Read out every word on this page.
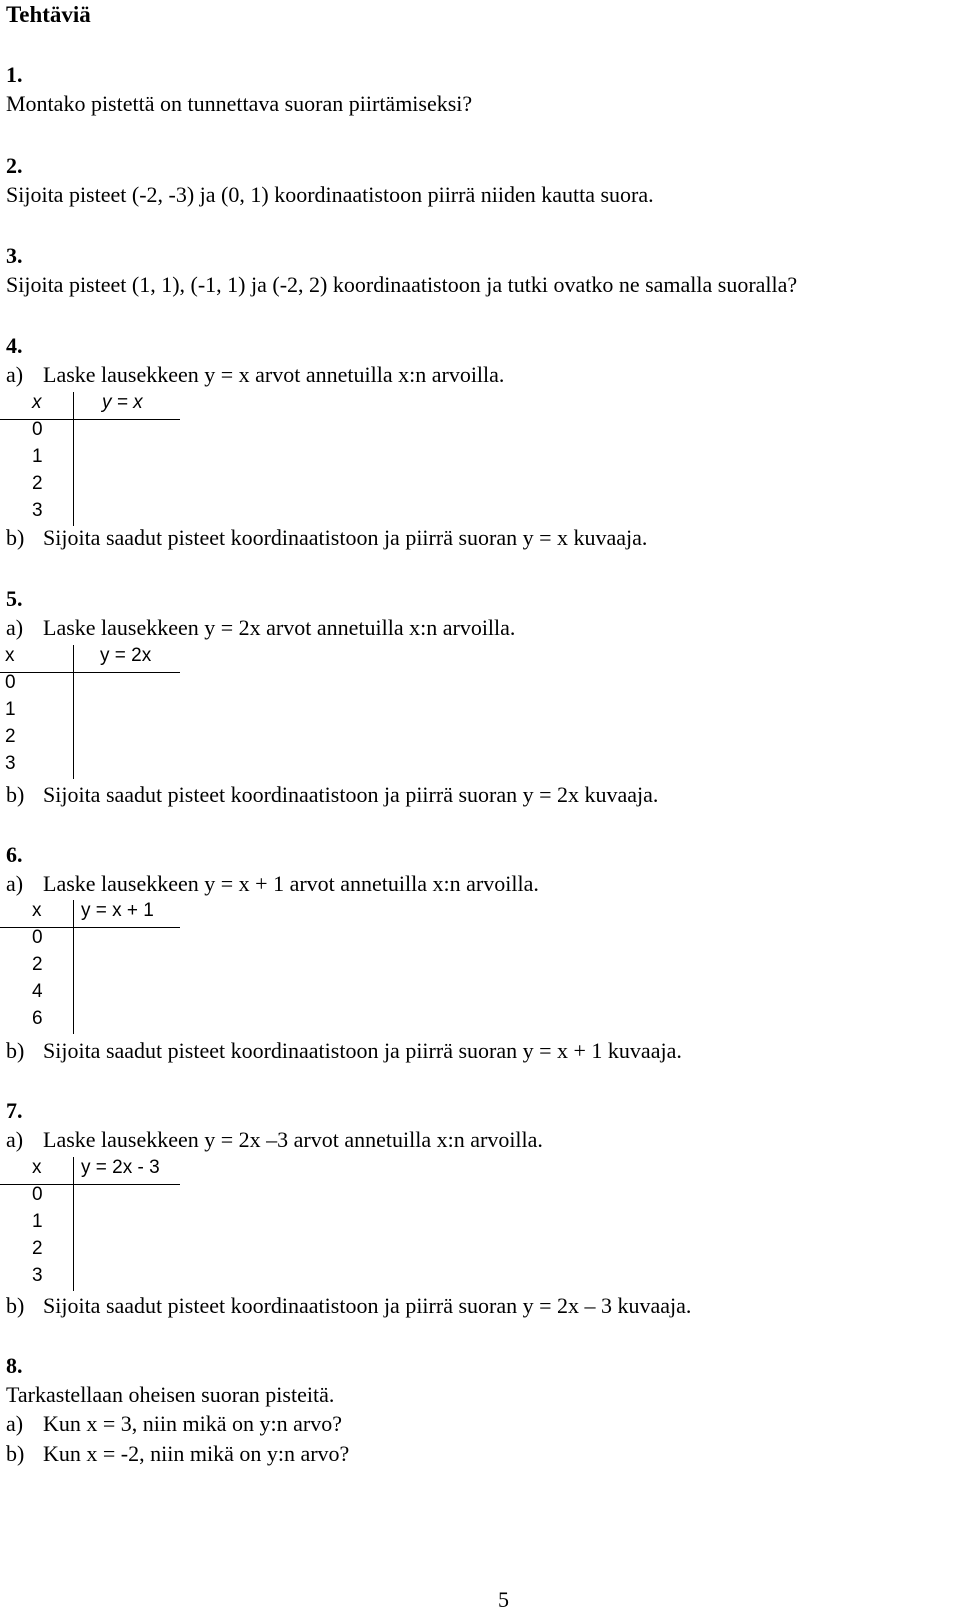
Tehtäviä
1.
Montako pistettä on tunnettava suoran piirtämiseksi?
2.
Sijoita pisteet (-2, -3) ja (0, 1) koordinaatistoon piirrä niiden kautta suora.
3.
Sijoita pisteet (1, 1), (-1, 1) ja (-2, 2) koordinaatistoon ja tutki ovatko ne samalla suoralla?
4.
a) Laske lausekkeen y = x arvot annetuilla x:n arvoilla.
x	y = x
0
1
2
3
b) Sijoita saadut pisteet koordinaatistoon ja piirrä suoran y = x kuvaaja.
5.
a) Laske lausekkeen y = 2x arvot annetuilla x:n arvoilla.
x	y = 2x
0
1
2
3
b) Sijoita saadut pisteet koordinaatistoon ja piirrä suoran y = 2x kuvaaja.
6.
a) Laske lausekkeen y = x + 1 arvot annetuilla x:n arvoilla.
x y = x + 1
0
2
4
6
b) Sijoita saadut pisteet koordinaatistoon ja piirrä suoran y = x + 1 kuvaaja.
7.
a) Laske lausekkeen y = 2x –3 arvot annetuilla x:n arvoilla.
x y = 2x - 3
0
1
2
3
b) Sijoita saadut pisteet koordinaatistoon ja piirrä suoran y = 2x – 3 kuvaaja.
8.
Tarkastellaan oheisen suoran pisteitä.
a) Kun x = 3, niin mikä on y:n arvo?
b) Kun x = -2, niin mikä on y:n arvo?
5
